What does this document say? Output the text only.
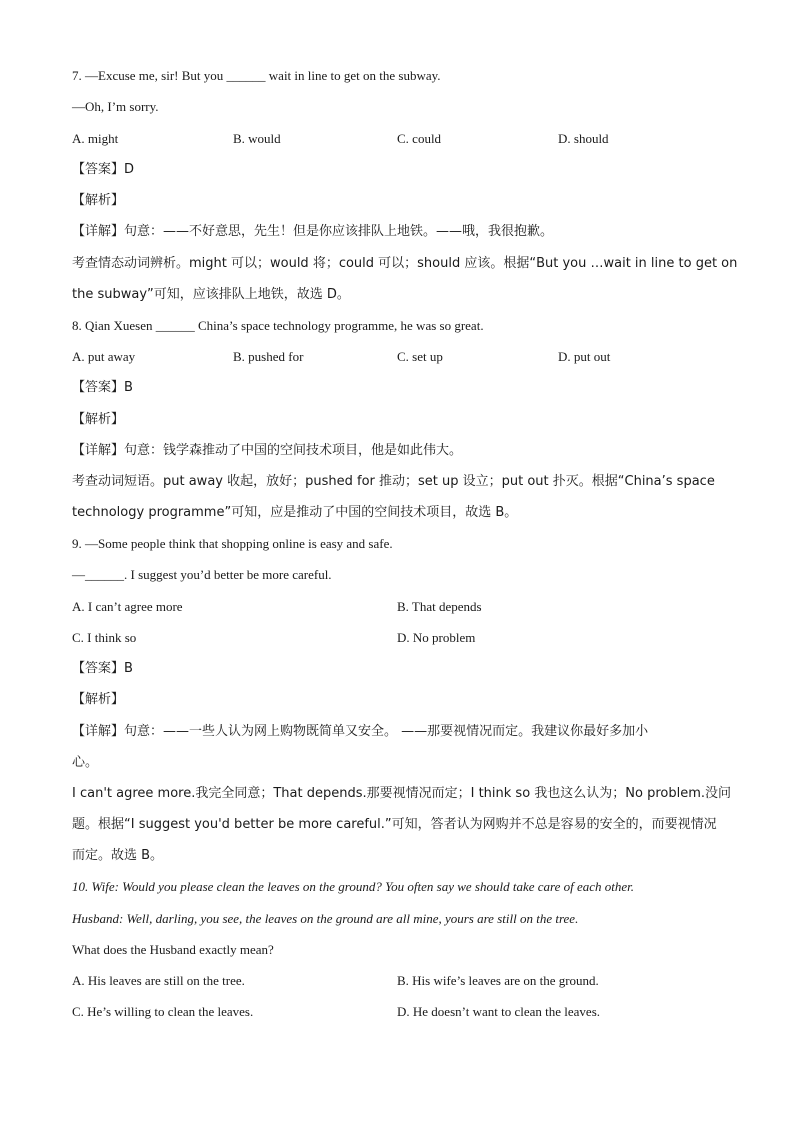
7. —Excuse me, sir! But you ______ wait in line to get on the subway.
—Oh, I’m sorry.
A. might	B. would	C. could	D. should
【答案】D
【解析】
【详解】句意：——不好意思，先生！但是你应该排队上地铁。——哦，我很抱歉。
考查情态动词辨析。might 可以；would 将；could 可以；should 应该。根据“But you …wait in line to get on
the subway”可知，应该排队上地铁，故选 D。
8. Qian Xuesen ______ China’s space technology programme, he was so great.
A. put away	B. pushed for	C. set up	D. put out
【答案】B
【解析】
【详解】句意：钱学森推动了中国的空间技术项目，他是如此伟大。
考查动词短语。put away 收起，放好；pushed for 推动；set up 设立；put out 扑灭。根据“China’s space
technology programme”可知，应是推动了中国的空间技术项目，故选 B。
9. —Some people think that shopping online is easy and safe.
—______. I suggest you’d better be more careful.
A. I can’t agree more	B. That depends
C. I think so	D. No problem
【答案】B
【解析】
【详解】句意：——一些人认为网上购物既简单又安全。 ——那要视情况而定。我建议你最好多加小
心。
I can't agree more.我完全同意；That depends.那要视情况而定；I think so 我也这么认为；No problem.没问
题。根据“I suggest you'd better be more careful.”可知，答者认为网购并不总是容易的安全的，而要视情况
而定。故选 B。
10. Wife: Would you please clean the leaves on the ground? You often say we should take care of each other.
Husband: Well, darling, you see, the leaves on the ground are all mine, yours are still on the tree.
What does the Husband exactly mean?
A. His leaves are still on the tree.	B. His wife’s leaves are on the ground.
C. He’s willing to clean the leaves.	D. He doesn’t want to clean the leaves.
